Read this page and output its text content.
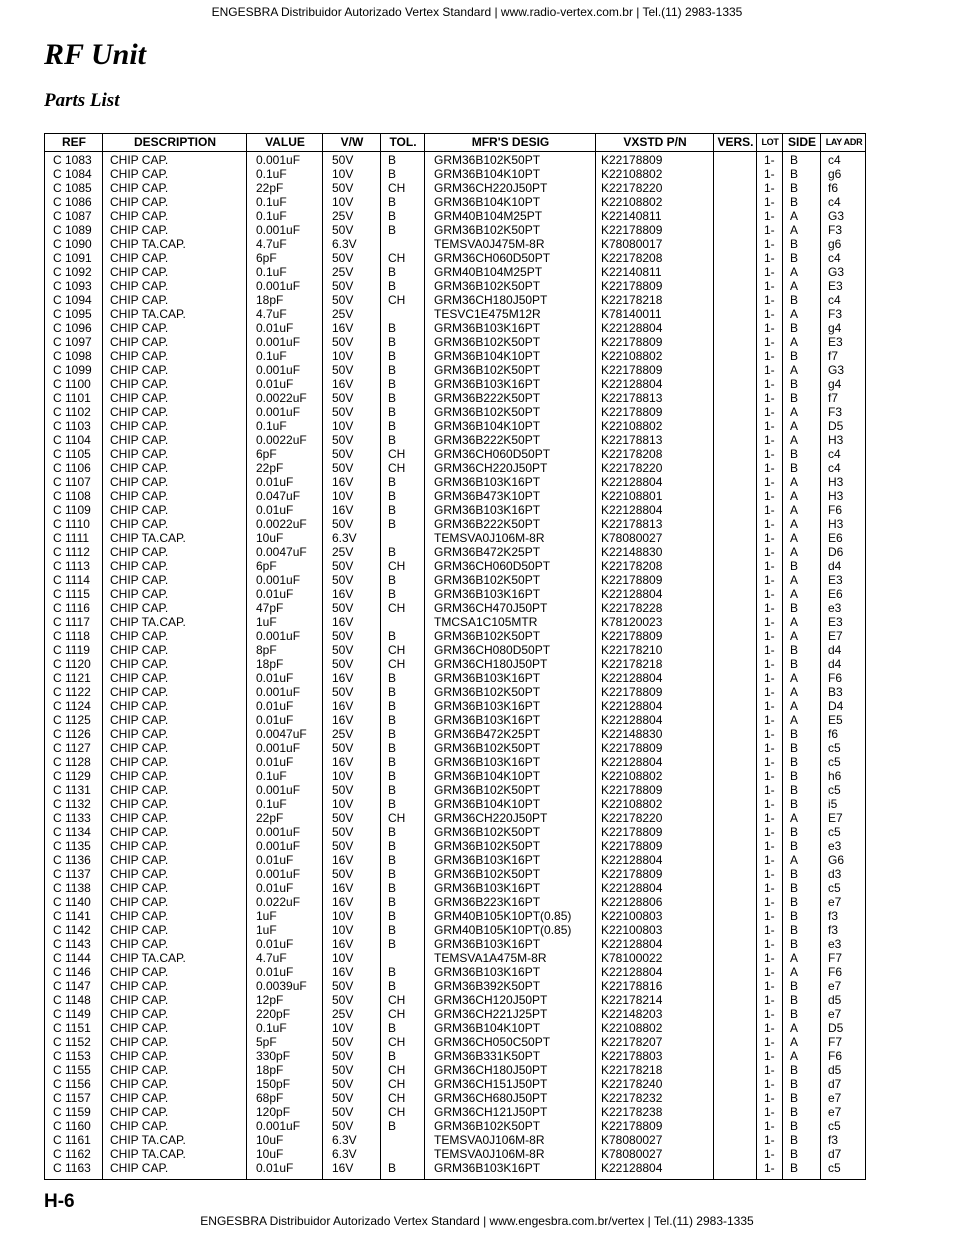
ENGESBRA Distribuidor Autorizado Vertex Standard | www.radio-vertex.com.br | Tel.(11) 2983-1335
RF Unit
Parts List
REF	DESCRIPTION	VALUE	V/W	TOL.	MFR'S DESIG	VXSTD P/N	VERS. LOT SIDE	LAY ADR
C 1083 CHIP CAP.	0.001uF	50V	B	GRM36B102K50PT	K22178809	1- B c4
C 1084 CHIP CAP.	0.1uF	10V	B	GRM36B104K10PT	K22108802	1- B g6
C 1085 CHIP CAP.	22pF	50V	CH GRM36CH220J50PT	K22178220	1- B f6
C 1086 CHIP CAP.	0.1uF	10V	B	GRM36B104K10PT	K22108802	1- B c4
C 1087 CHIP CAP.	0.1uF	25V	B	GRM40B104M25PT	K22140811	1- A G3
C 1089 CHIP CAP.	0.001uF	50V	B	GRM36B102K50PT	K22178809	1- A F3
C 1090 CHIP TA.CAP.	4.7uF	6.3V	TEMSVA0J475M-8R	K78080017	1- B g6
C 1091 CHIP CAP.	6pF	50V	CH GRM36CH060D50PT	K22178208	1- B c4
C 1092 CHIP CAP.	0.1uF	25V	B	GRM40B104M25PT	K22140811	1- A G3
C 1093 CHIP CAP.	0.001uF	50V	B	GRM36B102K50PT	K22178809	1- A E3
C 1094 CHIP CAP.	18pF	50V	CH GRM36CH180J50PT	K22178218	1- B c4
C 1095 CHIP TA.CAP.	4.7uF	25V	TESVC1E475M12R	K78140011	1- A F3
C 1096 CHIP CAP.	0.01uF	16V	B	GRM36B103K16PT	K22128804	1- B g4
C 1097 CHIP CAP.	0.001uF	50V	B	GRM36B102K50PT	K22178809	1- A E3
C 1098 CHIP CAP.	0.1uF	10V	B	GRM36B104K10PT	K22108802	1- B f7
C 1099 CHIP CAP.	0.001uF	50V	B	GRM36B102K50PT	K22178809	1- A G3
C 1100 CHIP CAP.	0.01uF	16V	B	GRM36B103K16PT	K22128804	1- B g4
C 1101 CHIP CAP.	0.0022uF 50V	B	GRM36B222K50PT	K22178813	1- B f7
C 1102 CHIP CAP.	0.001uF	50V	B	GRM36B102K50PT	K22178809	1- A F3
C 1103 CHIP CAP.	0.1uF	10V	B	GRM36B104K10PT	K22108802	1- A D5
C 1104 CHIP CAP.	0.0022uF 50V	B	GRM36B222K50PT	K22178813	1- A H3
C 1105 CHIP CAP.	6pF	50V	CH GRM36CH060D50PT	K22178208	1- B c4
C 1106 CHIP CAP.	22pF	50V	CH GRM36CH220J50PT	K22178220	1- B c4
C 1107 CHIP CAP.	0.01uF	16V	B	GRM36B103K16PT	K22128804	1- A H3
C 1108 CHIP CAP.	0.047uF	10V	B	GRM36B473K10PT	K22108801	1- A H3
C 1109 CHIP CAP.	0.01uF	16V	B	GRM36B103K16PT	K22128804	1- A F6
C 1110 CHIP CAP.	0.0022uF 50V	B	GRM36B222K50PT	K22178813	1- A H3
C 1111 CHIP TA.CAP.	10uF	6.3V	TEMSVA0J106M-8R	K78080027	1- A E6
C 1112 CHIP CAP.	0.0047uF 25V	B	GRM36B472K25PT	K22148830	1- A D6
C 1113 CHIP CAP.	6pF	50V	CH GRM36CH060D50PT	K22178208	1- B d4
C 1114 CHIP CAP.	0.001uF	50V	B	GRM36B102K50PT	K22178809	1- A E3
C 1115 CHIP CAP.	0.01uF	16V	B	GRM36B103K16PT	K22128804	1- A E6
C 1116 CHIP CAP.	47pF	50V	CH GRM36CH470J50PT	K22178228	1- B e3
C 1117 CHIP TA.CAP.	1uF	16V	TMCSA1C105MTR	K78120023	1- A E3
C 1118 CHIP CAP.	0.001uF	50V	B	GRM36B102K50PT	K22178809	1- A E7
C 1119 CHIP CAP.	8pF	50V	CH GRM36CH080D50PT	K22178210	1- B d4
C 1120 CHIP CAP.	18pF	50V	CH GRM36CH180J50PT	K22178218	1- B d4
C 1121 CHIP CAP.	0.01uF	16V	B	GRM36B103K16PT	K22128804	1- A F6
C 1122 CHIP CAP.	0.001uF	50V	B	GRM36B102K50PT	K22178809	1- A B3
C 1124 CHIP CAP.	0.01uF	16V	B	GRM36B103K16PT	K22128804	1- A D4
C 1125 CHIP CAP.	0.01uF	16V	B	GRM36B103K16PT	K22128804	1- A E5
C 1126 CHIP CAP.	0.0047uF 25V	B	GRM36B472K25PT	K22148830	1- B f6
C 1127 CHIP CAP.	0.001uF	50V	B	GRM36B102K50PT	K22178809	1- B c5
C 1128 CHIP CAP.	0.01uF	16V	B	GRM36B103K16PT	K22128804	1- B c5
C 1129 CHIP CAP.	0.1uF	10V	B	GRM36B104K10PT	K22108802	1- B h6
C 1131 CHIP CAP.	0.001uF	50V	B	GRM36B102K50PT	K22178809	1- B c5
C 1132 CHIP CAP.	0.1uF	10V	B	GRM36B104K10PT	K22108802	1- B i5
C 1133 CHIP CAP.	22pF	50V	CH GRM36CH220J50PT	K22178220	1- A E7
C 1134 CHIP CAP.	0.001uF	50V	B	GRM36B102K50PT	K22178809	1- B c5
C 1135 CHIP CAP.	0.001uF	50V	B	GRM36B102K50PT	K22178809	1- B e3
C 1136 CHIP CAP.	0.01uF	16V	B	GRM36B103K16PT	K22128804	1- A G6
C 1137 CHIP CAP.	0.001uF	50V	B	GRM36B102K50PT	K22178809	1- B d3
C 1138 CHIP CAP.	0.01uF	16V	B	GRM36B103K16PT	K22128804	1- B c5
C 1140 CHIP CAP.	0.022uF	16V	B	GRM36B223K16PT	K22128806	1- B e7
C 1141 CHIP CAP.	1uF	10V	B	GRM40B105K10PT(0.85) K22100803	1- B f3
C 1142 CHIP CAP.	1uF	10V	B	GRM40B105K10PT(0.85) K22100803	1- B f3
C 1143 CHIP CAP.	0.01uF	16V	B	GRM36B103K16PT	K22128804	1- B e3
C 1144 CHIP TA.CAP.	4.7uF	10V	TEMSVA1A475M-8R	K78100022	1- A F7
C 1146 CHIP CAP.	0.01uF	16V	B	GRM36B103K16PT	K22128804	1- A F6
C 1147 CHIP CAP.	0.0039uF 50V	B	GRM36B392K50PT	K22178816	1- B e7
C 1148 CHIP CAP.	12pF	50V	CH GRM36CH120J50PT	K22178214	1- B d5
C 1149 CHIP CAP.	220pF	25V	CH GRM36CH221J25PT	K22148203	1- B e7
C 1151 CHIP CAP.	0.1uF	10V	B	GRM36B104K10PT	K22108802	1- A D5
C 1152 CHIP CAP.	5pF	50V	CH GRM36CH050C50PT	K22178207	1- A F7
C 1153 CHIP CAP.	330pF	50V	B	GRM36B331K50PT	K22178803	1- A F6
C 1155 CHIP CAP.	18pF	50V	CH GRM36CH180J50PT	K22178218	1- B d5
C 1156 CHIP CAP.	150pF	50V	CH GRM36CH151J50PT	K22178240	1- B d7
C 1157 CHIP CAP.	68pF	50V	CH GRM36CH680J50PT	K22178232	1- B e7
C 1159 CHIP CAP.	120pF	50V	CH GRM36CH121J50PT	K22178238	1- B e7
C 1160 CHIP CAP.	0.001uF	50V	B	GRM36B102K50PT	K22178809	1- B c5
C 1161 CHIP TA.CAP.	10uF	6.3V	TEMSVA0J106M-8R	K78080027	1- B f3
C 1162 CHIP TA.CAP.	10uF	6.3V	TEMSVA0J106M-8R	K78080027	1- B d7
C 1163 CHIP CAP.	0.01uF	16V	B	GRM36B103K16PT	K22128804	1- B c5
H-6
ENGESBRA Distribuidor Autorizado Vertex Standard | www.engesbra.com.br/vertex | Tel.(11) 2983-1335
